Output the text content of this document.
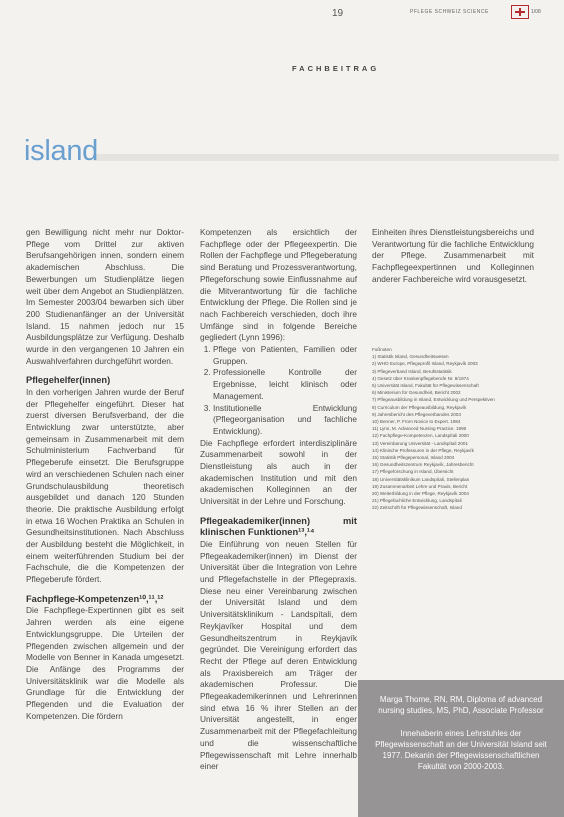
19	PFLEGE SCHWEIZ SCIENCE	1/08
FACHBEITRAG
island

gen Bewilligung nicht mehr nur Doktor-Pflege vom Drittel zur aktiven Berufsangehörigen innen, sondern einem akademischen Abschluss. Die Bewerbungen um Studienplätze liegen weit über dem Angebot an Studienplätzen. Im Semester 2003/04 bewarben sich über 200 Studienanfänger an der Universität Island. 15 nahmen jedoch nur 15 Ausbildungsplätze zur Verfügung. Deshalb wurde in den vergangenen 10 Jahren ein Auswahlverfahren durchgeführt worden.

Pflegehelfer(innen)

In den vorherigen Jahren wurde der Beruf der Pflegehelfer eingeführt. Dieser hat zuerst diversen Berufsverband, der die Entwicklung zwar unterstützte, aber gemeinsam in Zusammenarbeit mit dem Schulministerium Fachverband für Pflegeberufe einsetzt. Die Berufsgruppe wird an verschiedenen Schulen nach einer Grundschulausbildung theoretisch ausgebildet und danach 120 Stunden theorie. Die praktische Ausbildung erfolgt in etwa 16 Wochen Praktika an Schulen in Gesundheitsinstitutionen. Nach Abschluss der Ausbildung besteht die Möglichkeit, in einem weiterführenden Studium bei der Fachschule, die die Kompetenzen der Pflegeberufe fördert.

Fachpflege-Kompetenzen¹⁰,¹¹,¹²

Die Fachpflege-Expertinnen gibt es seit Jahren werden als eine eigene Entwicklungsgruppe. Die Urteilen der Pflegenden zwischen allgemein und der Modelle von Benner in Kanada umgesetzt. Die Anfänge des Programms der Universitätsklinik war die Modelle als Grundlage für die Entwicklung der Pflegenden und die Evaluation der Kompetenzen. Die fördern

Kompetenzen als ersichtlich der Fachpflege oder der Pflegeexpertin. Die Rollen der Fachpflege und Pflegeberatung sind Beratung und Prozessverantwortung, Pflegeforschung sowie Einflussnahme auf die Mitverantwortung für die fachliche Entwicklung der Pflege. Die Rollen sind je nach Fachbereich verschieden, doch ihre Umfänge sind in folgende Bereiche gegliedert (Lynn 1996):

1. Pflege von Patienten, Familien oder Gruppen.
2. Professionelle Kontrolle der Ergebnisse, leicht klinisch oder Management.
3. Institutionelle Entwicklung (Pflegeorganisation und fachliche Entwicklung).

Die Fachpflege erfordert interdisziplinäre Zusammenarbeit sowohl in der Dienstleistung als auch in der akademischen Institution und mit den akademischen Kolleginnen an der Universität in der Lehre und Forschung.

Pflegeakademiker(innen) mit klinischen Funktionen¹³,¹⁴

Die Einführung von neuen Stellen für Pflegeakademiker(innen) im Dienst der Universität über die Integration von Lehre und Pflegefachstelle in der Pflegepraxis. Diese neu einer Vereinbarung zwischen der Universität Island und dem Universitätsklinikum - Landspítali, dem Reykjavíker Hospital und dem Gesundheitszentrum in Reykjavík gegründet. Die Vereinigung erfordert das Recht der Pflege auf deren Entwicklung als Praxisbereich am Träger der akademischen Professur. Die Pflegeakademikerinnen und Lehrerinnen sind etwa 16 % ihrer Stellen an der Universität angestellt, in enger Zusammenarbeit mit der Pflegefachleitung und die wissenschaftliche Pflegewissenschaft mit Lehre innerhalb einer

Einheiten ihres Dienstleistungsbereichs und Verantwortung für die fachliche Entwicklung der Pflege. Zusammenarbeit mit Fachpflegeexpertinnen und Kolleginnen anderer Fachbereiche wird vorausgesetzt.

Fußnoten
1) Statistik Island, Gesundheitswesen
2) WHO Europe, Pflegeprofil Island, Reykjavík 2003
3) Pflegeverband Island, Berufsstatistik
4) Gesetz über Krankenpflegeberufe Nr. 8/1974
5) Universität Island, Fakultät für Pflegewissenschaft
6) Ministerium für Gesundheit, Bericht 2002
7) Pflegeausbildung in Island, Entwicklung und Perspektiven
8) Curriculum der Pflegeausbildung, Reykjavík
9) Jahresbericht des Pflegeverbandes 2003
10) Benner, P. From Novice to Expert. 1984
11) Lynn, M. Advanced Nursing Practice. 1996
12) Fachpflege-Kompetenzen, Landspítali 2000
13) Vereinbarung Universität - Landspítali 2001
14) Klinische Professuren in der Pflege, Reykjavík
15) Statistik Pflegepersonal, Island 2004
16) Gesundheitszentrum Reykjavík, Jahresbericht
17) Pflegeforschung in Island, Übersicht
18) Universitätsklinikum Landspítali, Stellenplan
19) Zusammenarbeit Lehre und Praxis, Bericht
20) Weiterbildung in der Pflege, Reykjavík 2004
21) Pflegefachliche Entwicklung, Landspítali
22) Zeitschrift für Pflegewissenschaft, Island
Marga Thome, RN, RM, Diploma of advanced nursing studies, MS, PhD, Associate Professor
Innehaberin eines Lehrstuhles der Pflegewissenschaft an der Universität Island seit 1977. Dekanin der Pflegewissenschaftlichen Fakultät von 2000-2003.
